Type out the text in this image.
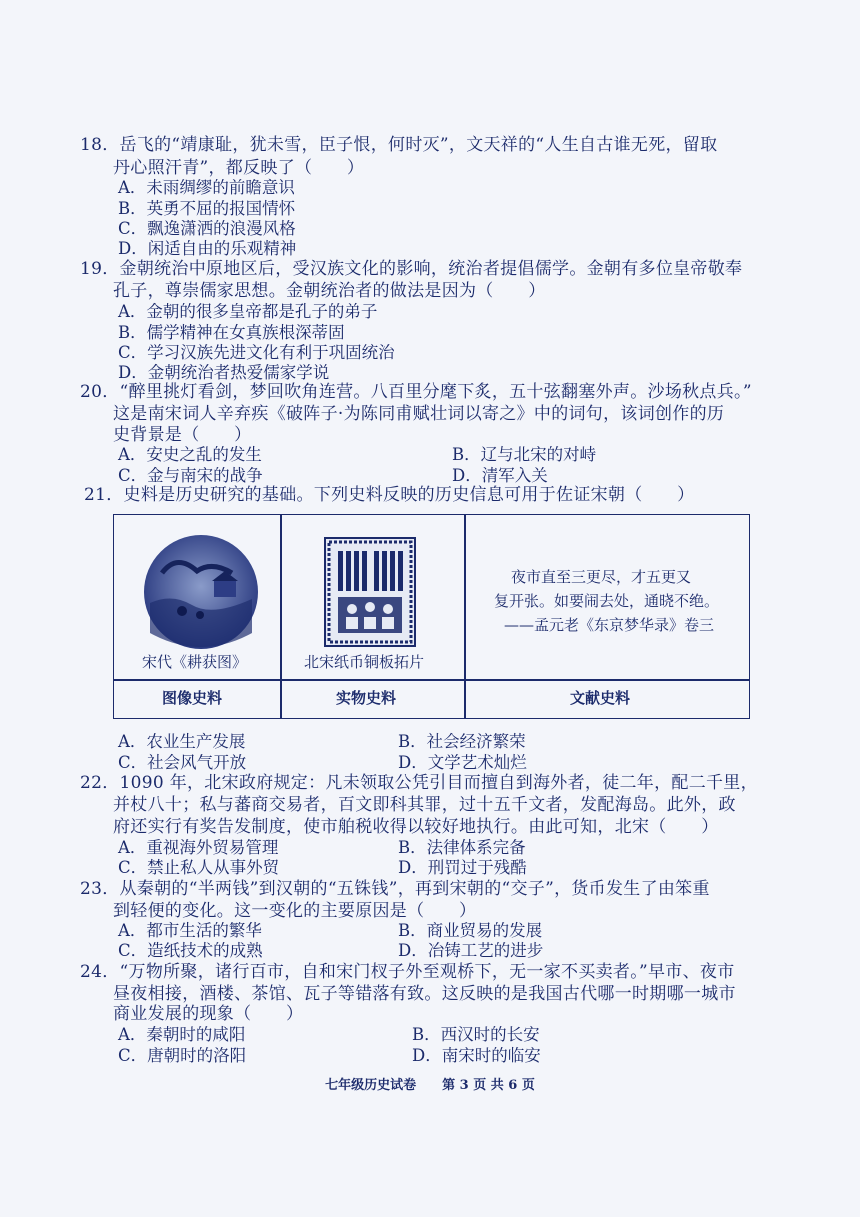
18．岳飞的“靖康耻，犹未雪，臣子恨，何时灭”，文天祥的“人生自古谁无死，留取
丹心照汗青”，都反映了（　　）
A．未雨绸缪的前瞻意识
B．英勇不屈的报国情怀
C．飘逸潇洒的浪漫风格
D．闲适自由的乐观精神
19．金朝统治中原地区后，受汉族文化的影响，统治者提倡儒学。金朝有多位皇帝敬奉
孔子，尊崇儒家思想。金朝统治者的做法是因为（　　）
A．金朝的很多皇帝都是孔子的弟子
B．儒学精神在女真族根深蒂固
C．学习汉族先进文化有利于巩固统治
D．金朝统治者热爱儒家学说
20．“醉里挑灯看剑，梦回吹角连营。八百里分麾下炙，五十弦翻塞外声。沙场秋点兵。”
这是南宋词人辛弃疾《破阵子·为陈同甫赋壮词以寄之》中的词句，该词创作的历
史背景是（　　）
A．安史之乱的发生	B．辽与北宋的对峙
C．金与南宋的战争	D．清军入关
21．史料是历史研究的基础。下列史料反映的历史信息可用于佐证宋朝（　　）
宋代《耕获图》	北宋纸币铜板拓片
夜市直至三更尽，才五更又
复开张。如要闹去处，通晓不绝。
——孟元老《东京梦华录》卷三
图像史料	实物史料	文献史料
A．农业生产发展	B．社会经济繁荣
C．社会风气开放	D．文学艺术灿烂
22．1090 年，北宋政府规定：凡未领取公凭引目而擅自到海外者，徒二年，配二千里，
并杖八十；私与蕃商交易者，百文即科其罪，过十五千文者，发配海岛。此外，政
府还实行有奖告发制度，使市舶税收得以较好地执行。由此可知，北宋（　　）
A．重视海外贸易管理	B．法律体系完备
C．禁止私人从事外贸	D．刑罚过于残酷
23．从秦朝的“半两钱”到汉朝的“五铢钱”，再到宋朝的“交子”，货币发生了由笨重
到轻便的变化。这一变化的主要原因是（　　）
A．都市生活的繁华	B．商业贸易的发展
C．造纸技术的成熟	D．冶铸工艺的进步
24．“万物所聚，诸行百市，自和宋门杈子外至观桥下，无一家不买卖者。”早市、夜市
昼夜相接，酒楼、茶馆、瓦子等错落有致。这反映的是我国古代哪一时期哪一城市
商业发展的现象（　　）
A．秦朝时的咸阳	B．西汉时的长安
C．唐朝时的洛阳	D．南宋时的临安
七年级历史试卷　　第 3 页 共 6 页
